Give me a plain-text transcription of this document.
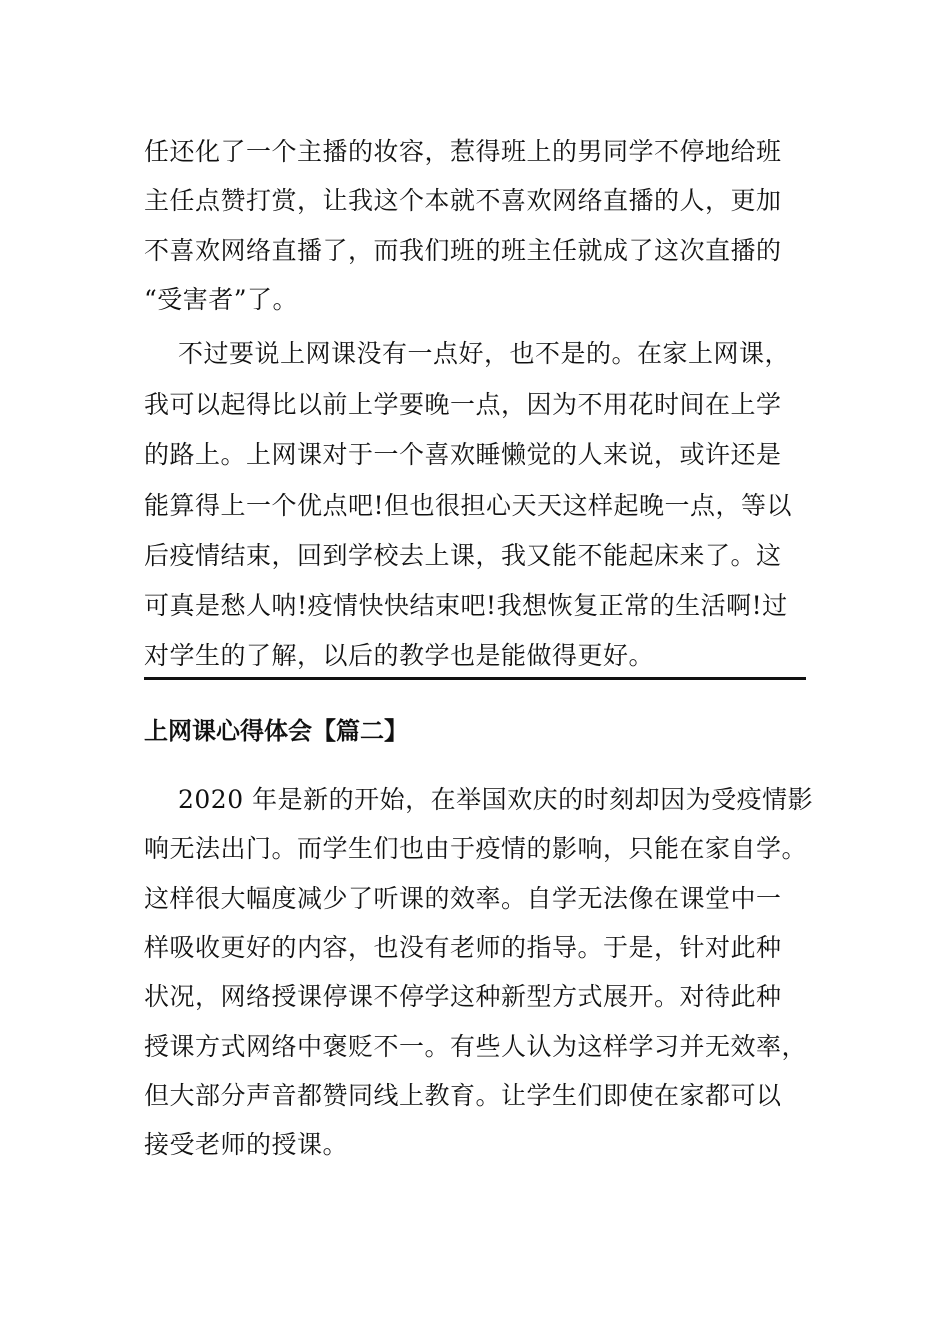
任还化了一个主播的妆容，惹得班上的男同学不停地给班
主任点赞打赏，让我这个本就不喜欢网络直播的人，更加
不喜欢网络直播了，而我们班的班主任就成了这次直播的
“受害者”了。
不过要说上网课没有一点好，也不是的。在家上网课，
我可以起得比以前上学要晚一点，因为不用花时间在上学
的路上。上网课对于一个喜欢睡懒觉的人来说，或许还是
能算得上一个优点吧!但也很担心天天这样起晚一点，等以
后疫情结束，回到学校去上课，我又能不能起床来了。这
可真是愁人呐!疫情快快结束吧!我想恢复正常的生活啊!过
对学生的了解，以后的教学也是能做得更好。
上网课心得体会【篇二】
2020 年是新的开始，在举国欢庆的时刻却因为受疫情影
响无法出门。而学生们也由于疫情的影响，只能在家自学。
这样很大幅度减少了听课的效率。自学无法像在课堂中一
样吸收更好的内容，也没有老师的指导。于是，针对此种
状况，网络授课停课不停学这种新型方式展开。对待此种
授课方式网络中褒贬不一。有些人认为这样学习并无效率，
但大部分声音都赞同线上教育。让学生们即使在家都可以
接受老师的授课。
